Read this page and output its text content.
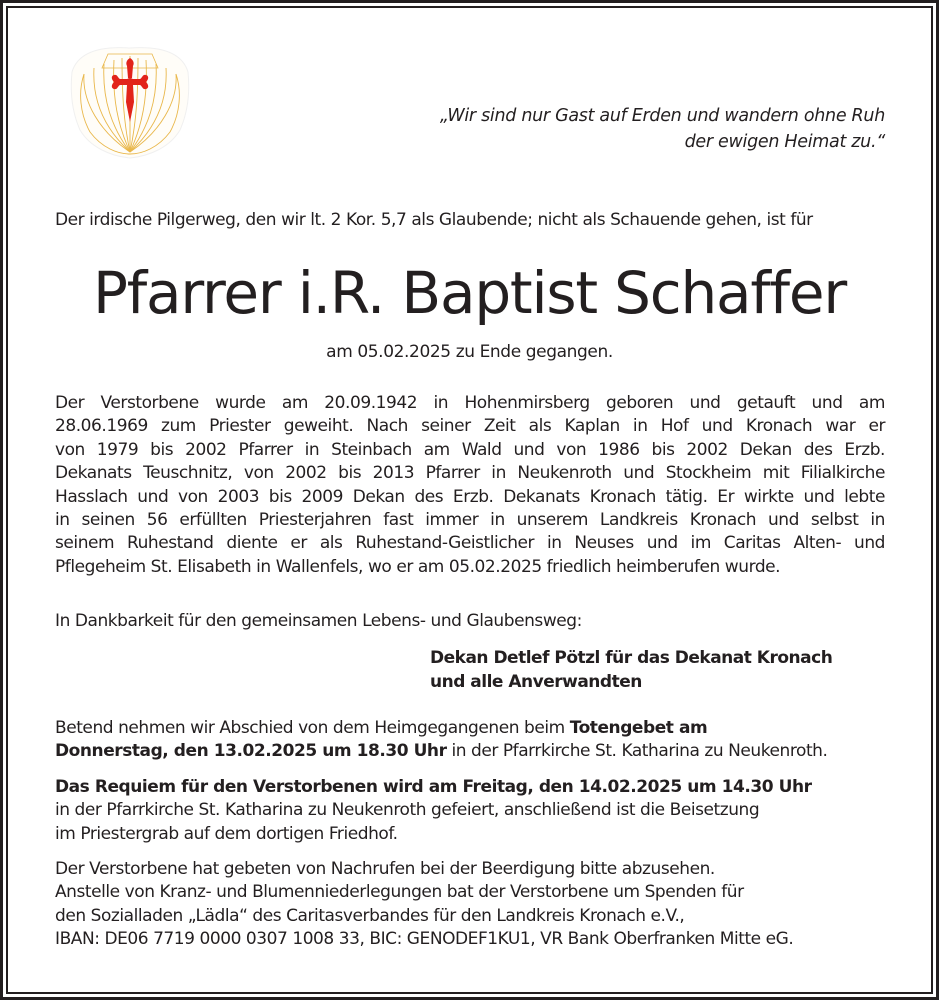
„Wir sind nur Gast auf Erden und wandern ohne Ruh
der ewigen Heimat zu.“
Der irdische Pilgerweg, den wir lt. 2 Kor. 5,7 als Glaubende; nicht als Schauende gehen, ist für
Pfarrer i.R. Baptist Schaffer
am 05.02.2025 zu Ende gegangen.
Der Verstorbene wurde am 20.09.1942 in Hohenmirsberg geboren und getauft und am
28.06.1969 zum Priester geweiht. Nach seiner Zeit als Kaplan in Hof und Kronach war er
von 1979 bis 2002 Pfarrer in Steinbach am Wald und von 1986 bis 2002 Dekan des Erzb.
Dekanats Teuschnitz, von 2002 bis 2013 Pfarrer in Neukenroth und Stockheim mit Filialkirche
Hasslach und von 2003 bis 2009 Dekan des Erzb. Dekanats Kronach tätig. Er wirkte und lebte
in seinen 56 erfüllten Priesterjahren fast immer in unserem Landkreis Kronach und selbst in
seinem Ruhestand diente er als Ruhestand-Geistlicher in Neuses und im Caritas Alten- und
Pflegeheim St. Elisabeth in Wallenfels, wo er am 05.02.2025 friedlich heimberufen wurde.
In Dankbarkeit für den gemeinsamen Lebens- und Glaubensweg:
Dekan Detlef Pötzl für das Dekanat Kronach
und alle Anverwandten
Betend nehmen wir Abschied von dem Heimgegangenen beim Totengebet am
Donnerstag, den 13.02.2025 um 18.30 Uhr in der Pfarrkirche St. Katharina zu Neukenroth.
Das Requiem für den Verstorbenen wird am Freitag, den 14.02.2025 um 14.30 Uhr
in der Pfarrkirche St. Katharina zu Neukenroth gefeiert, anschließend ist die Beisetzung
im Priestergrab auf dem dortigen Friedhof.
Der Verstorbene hat gebeten von Nachrufen bei der Beerdigung bitte abzusehen.
Anstelle von Kranz- und Blumenniederlegungen bat der Verstorbene um Spenden für
den Sozialladen „Lädla“ des Caritasverbandes für den Landkreis Kronach e.V.,
IBAN: DE06 7719 0000 0307 1008 33, BIC: GENODEF1KU1, VR Bank Oberfranken Mitte eG.
